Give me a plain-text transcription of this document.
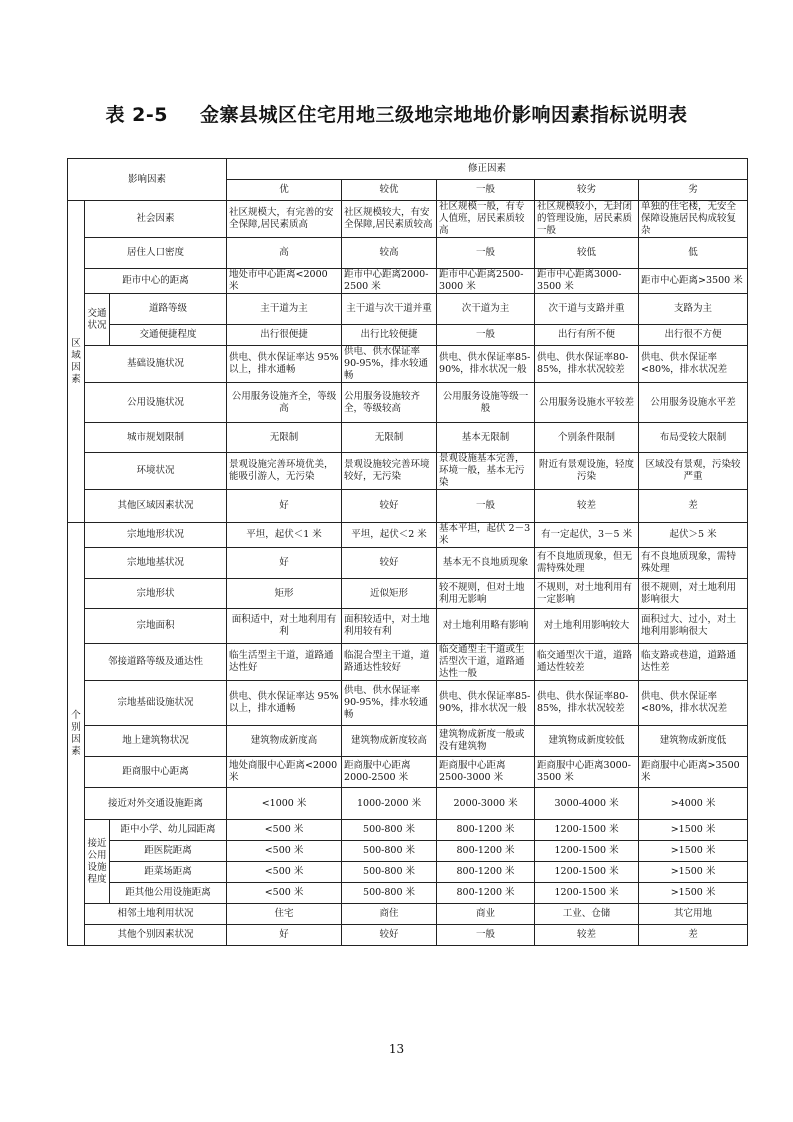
表 2-5 金寨县城区住宅用地三级地宗地地价影响因素指标说明表
影响因素			修正因素				
			优	较优	一般	较劣	劣
区
域
因
素	社会因素		社区规模大，有完善的安全保障,居民素质高	社区规模较大，有安全保障,居民素质较高	社区规模一般，有专人值班，居民素质较高	社区规模较小，无封闭的管理设施，居民素质一般	单独的住宅楼，无安全保障设施居民构成较复杂
	居住人口密度		高	较高	一般	较低	低
	距市中心的距离		地处市中心距离<2000 米	距市中心距离2000-2500 米	距市中心距离2500-3000 米	距市中心距离3000-3500 米	距市中心距离>3500 米
	交通
状况	道路等级	主干道为主	主干道与次干道并重	次干道为主	次干道与支路并重	支路为主
		交通便捷程度	出行很便捷	出行比较便捷	一般	出行有所不便	出行很不方便
	基础设施状况		供电、供水保证率达 95%以上，排水通畅	供电、供水保证率90-95%，排水较通畅	供电、供水保证率85-90%，排水状况一般	供电、供水保证率80-85%，排水状况较差	供电、供水保证率<80%，排水状况差
	公用设施状况		公用服务设施齐全，等级高	公用服务设施较齐全，等级较高	公用服务设施等级一般	公用服务设施水平较差	公用服务设施水平差
	城市规划限制		无限制	无限制	基本无限制	个别条件限制	布局受较大限制
	环境状况		景观设施完善环境优美，能吸引游人，无污染	景观设施较完善环境较好，无污染	景观设施基本完善，环境一般，基本无污染	附近有景观设施，轻度污染	区域没有景观，污染较严重
	其他区域因素状况		好	较好	一般	较差	差
个
别
因
素	宗地地形状况		平坦，起伏＜1 米	平坦，起伏＜2 米	基本平坦，起伏 2－3 米	有一定起伏，3－5 米	起伏＞5 米
	宗地地基状况		好	较好	基本无不良地质现象	有不良地质现象，但无需特殊处理	有不良地质现象，需特殊处理
	宗地形状		矩形	近似矩形	较不规则，但对土地利用无影响	不规则，对土地利用有一定影响	很不规则，对土地利用影响很大
	宗地面积		面积适中，对土地利用有利	面积较适中，对土地利用较有利	对土地利用略有影响	对土地利用影响较大	面积过大、过小，对土地利用影响很大
	邻接道路等级及通达性		临生活型主干道，道路通达性好	临混合型主干道，道路通达性较好	临交通型主干道或生活型次干道，道路通达性一般	临交通型次干道，道路通达性较差	临支路或巷道，道路通达性差
	宗地基础设施状况		供电、供水保证率达 95%以上，排水通畅	供电、供水保证率90-95%，排水较通畅	供电、供水保证率85-90%，排水状况一般	供电、供水保证率80-85%，排水状况较差	供电、供水保证率<80%，排水状况差
	地上建筑物状况		建筑物成新度高	建筑物成新度较高	建筑物成新度一般或没有建筑物	建筑物成新度较低	建筑物成新度低
	距商服中心距离		地处商服中心距离<2000 米	距商服中心距离2000-2500 米	距商服中心距离2500-3000 米	距商服中心距离3000-3500 米	距商服中心距离>3500 米
	接近对外交通设施距离		<1000 米	1000-2000 米	2000-3000 米	3000-4000 米	>4000 米
	接近
公用
设施
程度	距中小学、幼儿园距离	<500 米	500-800 米	800-1200 米	1200-1500 米	>1500 米
		距医院距离	<500 米	500-800 米	800-1200 米	1200-1500 米	>1500 米
		距菜场距离	<500 米	500-800 米	800-1200 米	1200-1500 米	>1500 米
		距其他公用设施距离	<500 米	500-800 米	800-1200 米	1200-1500 米	>1500 米
	相邻土地利用状况		住宅	商住	商业	工业、仓储	其它用地
	其他个别因素状况		好	较好	一般	较差	差
13
